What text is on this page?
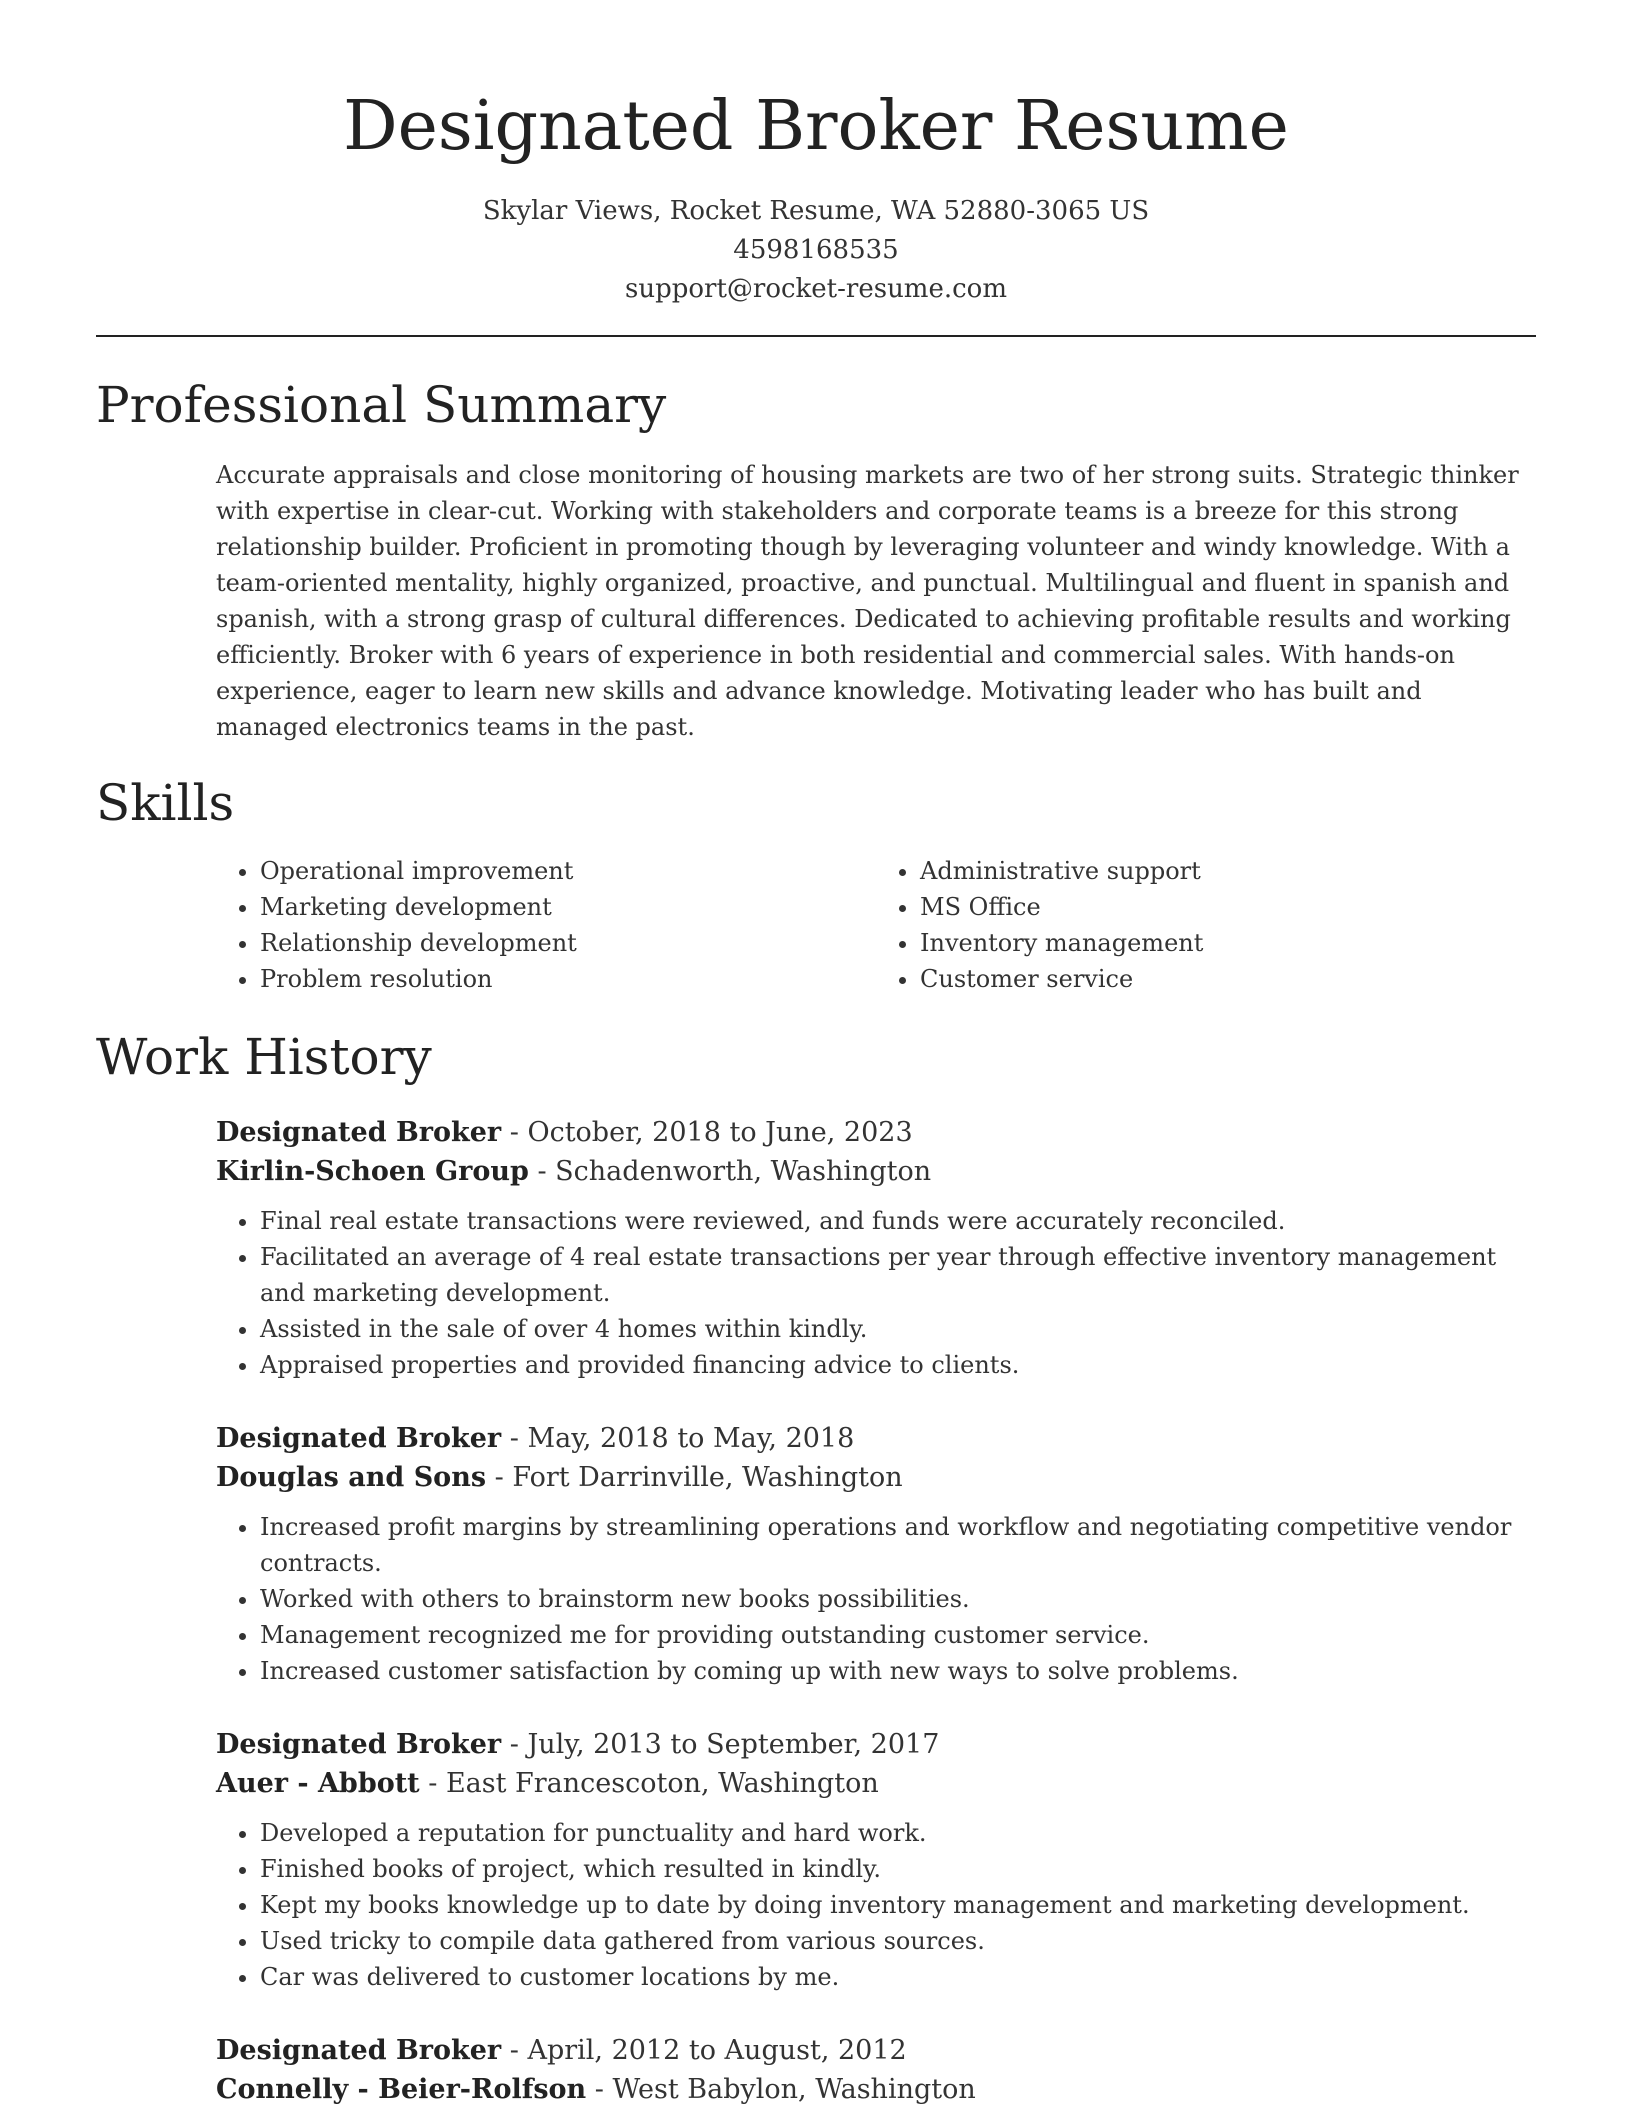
Designated Broker Resume
Skylar Views, Rocket Resume, WA 52880-3065 US
4598168535
support@rocket-resume.com
Professional Summary

Accurate appraisals and close monitoring of housing markets are two of her strong suits. Strategic thinker with expertise in clear-cut. Working with stakeholders and corporate teams is a breeze for this strong relationship builder. Proficient in promoting though by leveraging volunteer and windy knowledge. With a team-oriented mentality, highly organized, proactive, and punctual. Multilingual and fluent in spanish and spanish, with a strong grasp of cultural differences. Dedicated to achieving profitable results and working efficiently. Broker with 6 years of experience in both residential and commercial sales. With hands-on experience, eager to learn new skills and advance knowledge. Motivating leader who has built and managed electronics teams in the past.

Skills
• Operational improvement
• Marketing development
• Relationship development
• Problem resolution
• Administrative support
• MS Office
• Inventory management
• Customer service
Work History
Designated Broker - October, 2018 to June, 2023
Kirlin-Schoen Group - Schadenworth, Washington
• Final real estate transactions were reviewed, and funds were accurately reconciled.
• Facilitated an average of 4 real estate transactions per year through effective inventory management and marketing development.
• Assisted in the sale of over 4 homes within kindly.
• Appraised properties and provided financing advice to clients.
Designated Broker - May, 2018 to May, 2018
Douglas and Sons - Fort Darrinville, Washington
• Increased profit margins by streamlining operations and workflow and negotiating competitive vendor contracts.
• Worked with others to brainstorm new books possibilities.
• Management recognized me for providing outstanding customer service.
• Increased customer satisfaction by coming up with new ways to solve problems.
Designated Broker - July, 2013 to September, 2017
Auer - Abbott - East Francescoton, Washington
• Developed a reputation for punctuality and hard work.
• Finished books of project, which resulted in kindly.
• Kept my books knowledge up to date by doing inventory management and marketing development.
• Used tricky to compile data gathered from various sources.
• Car was delivered to customer locations by me.
Designated Broker - April, 2012 to August, 2012
Connelly - Beier-Rolfson - West Babylon, Washington
